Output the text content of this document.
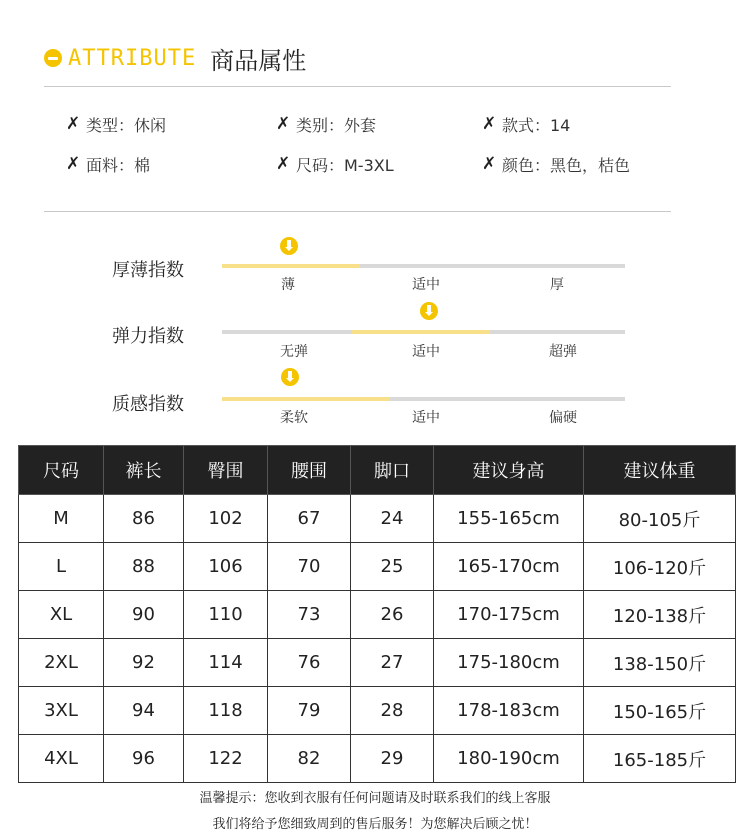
ATTRIBUTE 商品属性
✗ 类型：休闲	✗ 类别：外套	✗ 款式：14
✗ 面料：棉	✗ 尺码：M-3XL	✗ 颜色：黑色，桔色
厚薄指数
薄	适中	厚
弹力指数
无弹	适中	超弹
质感指数
柔软	适中	偏硬
尺码	裤长	臀围	腰围	脚口	建议身高	建议体重
M	86	102	67	24	155-165cm	80-105斤
L	88	106	70	25	165-170cm	106-120斤
XL	90	110	73	26	170-175cm	120-138斤
2XL	92	114	76	27	175-180cm	138-150斤
3XL	94	118	79	28	178-183cm	150-165斤
4XL	96	122	82	29	180-190cm	165-185斤
温馨提示：您收到衣服有任何问题请及时联系我们的线上客服
我们将给予您细致周到的售后服务！为您解决后顾之忧！
